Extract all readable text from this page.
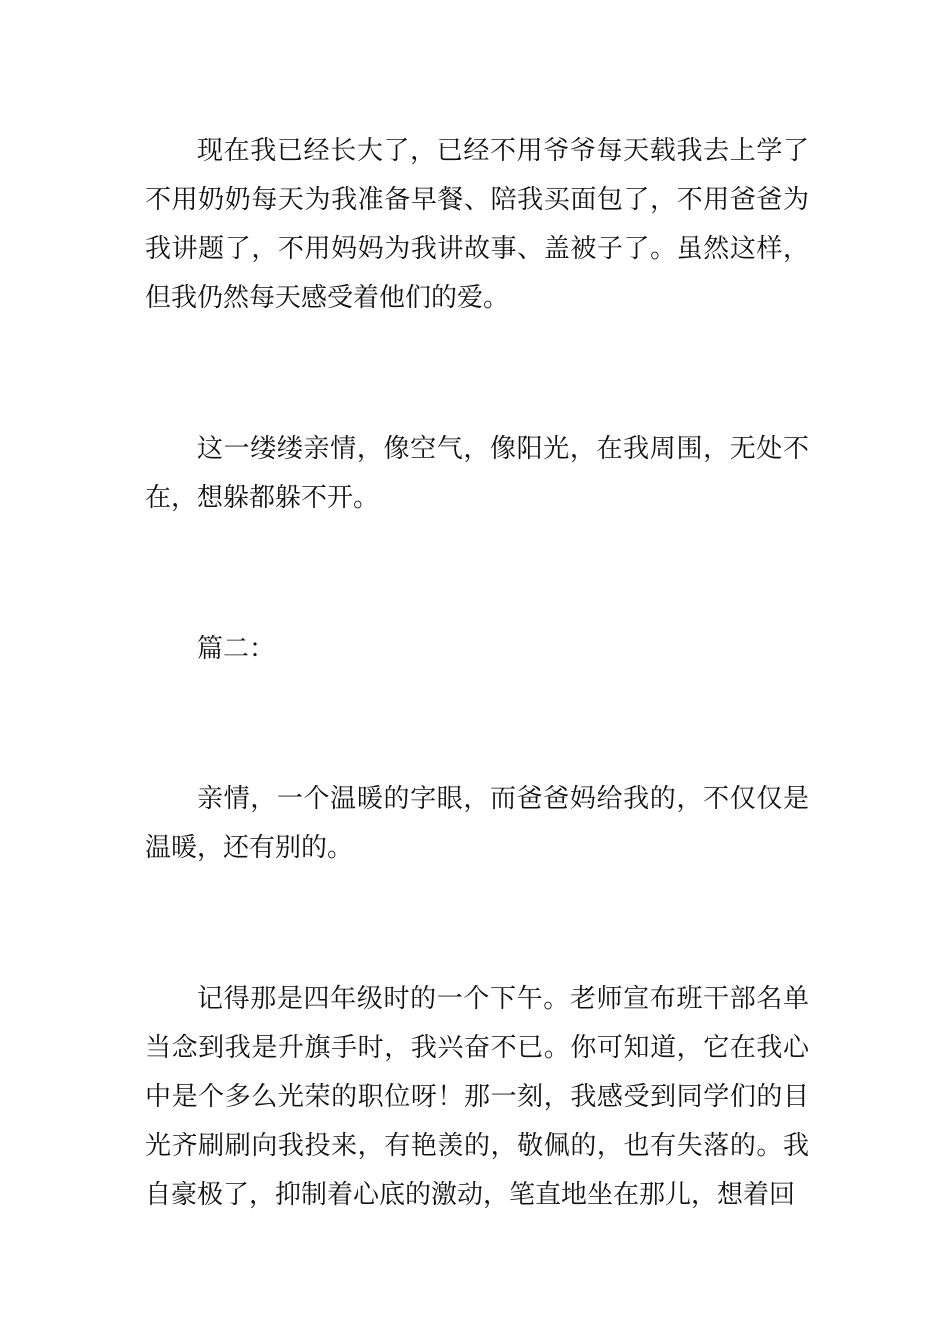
现在我已经长大了，已经不用爷爷每天载我去上学了不用奶奶每天为我准备早餐、陪我买面包了，不用爸爸为我讲题了，不用妈妈为我讲故事、盖被子了。虽然这样，但我仍然每天感受着他们的爱。

这一缕缕亲情，像空气，像阳光，在我周围，无处不在，想躲都躲不开。

篇二：

亲情，一个温暖的字眼，而爸爸妈给我的，不仅仅是温暖，还有别的。

记得那是四年级时的一个下午。老师宣布班干部名单当念到我是升旗手时，我兴奋不已。你可知道，它在我心中是个多么光荣的职位呀！那一刻，我感受到同学们的目光齐刷刷向我投来，有艳羡的，敬佩的，也有失落的。我自豪极了，抑制着心底的激动，笔直地坐在那儿，想着回
